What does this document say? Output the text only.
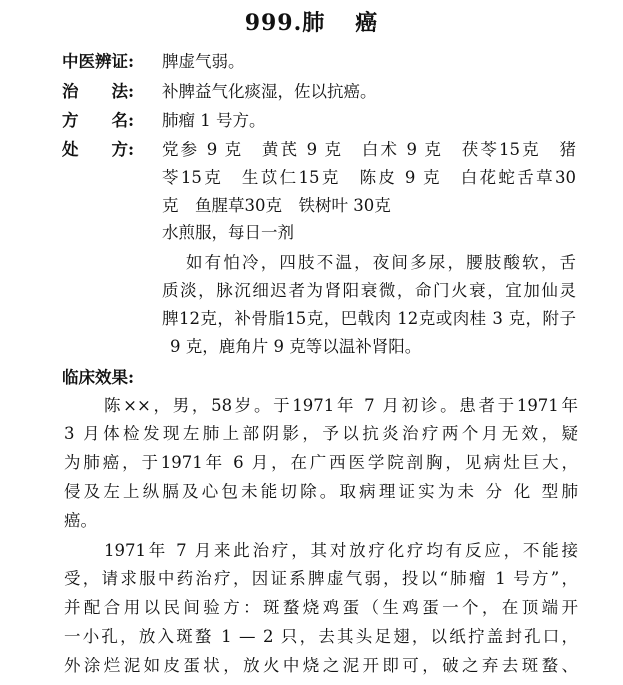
999.肺 癌
中医辨证: 脾虚气弱。
治　　法: 补脾益气化痰湿，佐以抗癌。
方　　名: 肺瘤 1 号方。
处　　方: 党参 9 克　黄芪 9 克　白术 9 克　茯苓15克　猪
苓15克　生苡仁15克　陈皮 9 克　白花蛇舌草30
克　鱼腥草30克　铁树叶 30克
水煎服，每日一剂
如有怕冷，四肢不温，夜间多尿，腰肢酸软，舌
质淡，脉沉细迟者为肾阳衰微，命门火衰，宜加仙灵
脾12克，补骨脂15克，巴戟肉 12克或肉桂 3 克，附子
9 克，鹿角片 9 克等以温补肾阳。
临床效果:
陈××，男，58岁。于1971年 7 月初诊。患者于1971年
3 月体检发现左肺上部阴影，予以抗炎治疗两个月无效，疑
为肺癌，于1971年 6 月，在广西医学院剖胸，见病灶巨大，
侵及左上纵膈及心包未能切除。取病理证实为未 分 化 型肺
癌。
1971年 7 月来此治疗，其对放疗化疗均有反应，不能接
受，请求服中药治疗，因证系脾虚气弱，投以“肺瘤 1 号方”，
并配合用以民间验方：斑蝥烧鸡蛋（生鸡蛋一个，在顶端开
一小孔，放入斑蝥 1 — 2 只，去其头足翅，以纸拧盖封孔口，
外涂烂泥如皮蛋状，放火中烧之泥开即可，破之弃去斑蝥、
